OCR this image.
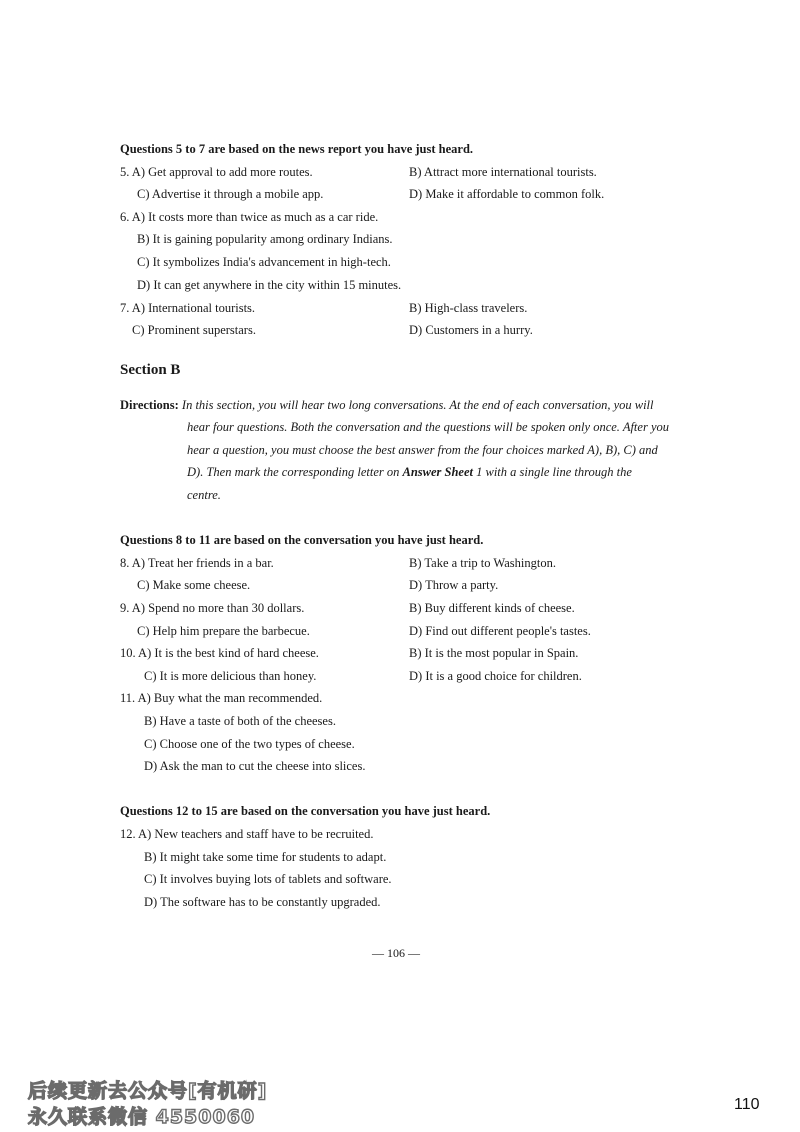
Questions 5 to 7 are based on the news report you have just heard.
5. A) Get approval to add more routes.	B) Attract more international tourists.
C) Advertise it through a mobile app.	D) Make it affordable to common folk.
6. A) It costs more than twice as much as a car ride.
B) It is gaining popularity among ordinary Indians.
C) It symbolizes India's advancement in high-tech.
D) It can get anywhere in the city within 15 minutes.
7. A) International tourists.	B) High-class travelers.
C) Prominent superstars.	D) Customers in a hurry.
Section B
Directions: In this section, you will hear two long conversations. At the end of each conversation, you will
hear four questions. Both the conversation and the questions will be spoken only once. After you
hear a question, you must choose the best answer from the four choices marked A), B), C) and
D). Then mark the corresponding letter on Answer Sheet 1 with a single line through the
centre.
Questions 8 to 11 are based on the conversation you have just heard.
8. A) Treat her friends in a bar.	B) Take a trip to Washington.
C) Make some cheese.	D) Throw a party.
9. A) Spend no more than 30 dollars.	B) Buy different kinds of cheese.
C) Help him prepare the barbecue.	D) Find out different people's tastes.
10. A) It is the best kind of hard cheese.	B) It is the most popular in Spain.
C) It is more delicious than honey.	D) It is a good choice for children.
11. A) Buy what the man recommended.
B) Have a taste of both of the cheeses.
C) Choose one of the two types of cheese.
D) Ask the man to cut the cheese into slices.
Questions 12 to 15 are based on the conversation you have just heard.
12. A) New teachers and staff have to be recruited.
B) It might take some time for students to adapt.
C) It involves buying lots of tablets and software.
D) The software has to be constantly upgraded.
— 106 —
110
后续更新去公众号[有机研]
永久联系微信 4550060
